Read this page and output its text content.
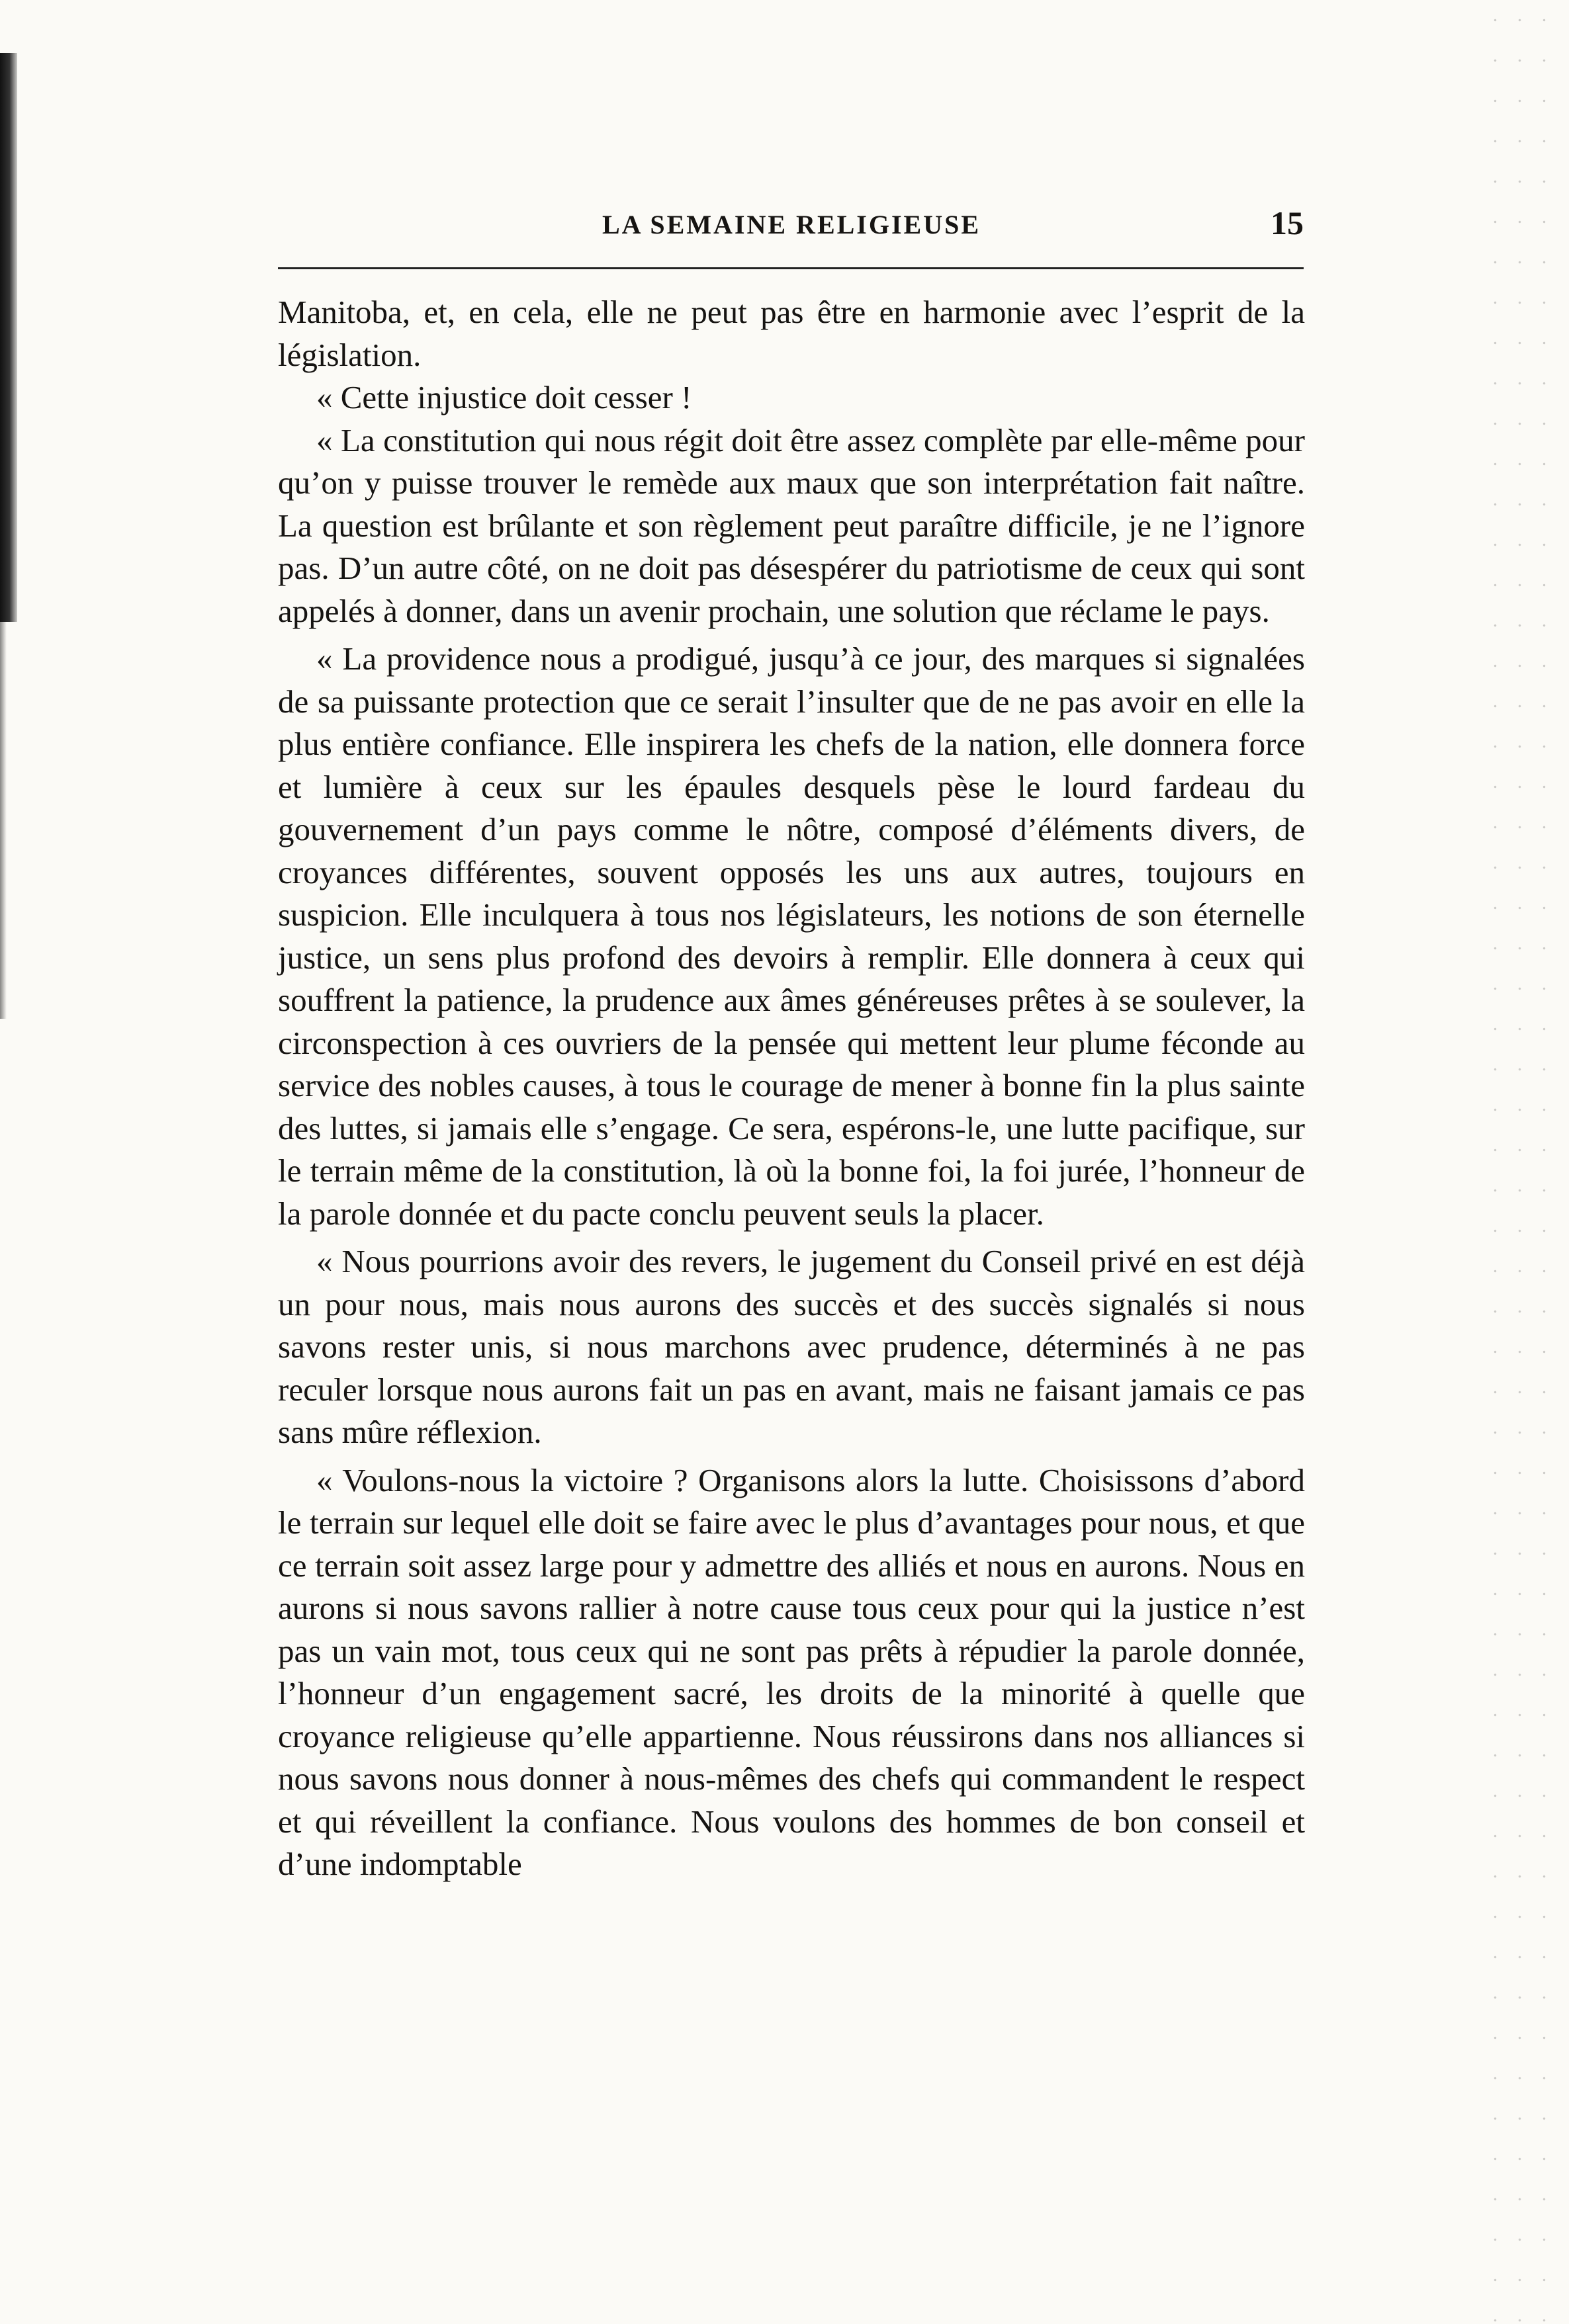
LA SEMAINE RELIGIEUSE	15

Manitoba, et, en cela, elle ne peut pas être en harmonie avec l’esprit de la législation.

« Cette injustice doit cesser !

« La constitution qui nous régit doit être assez complète par elle-même pour qu’on y puisse trouver le remède aux maux que son interprétation fait naître. La question est brûlante et son règlement peut paraître difficile, je ne l’ignore pas. D’un autre côté, on ne doit pas désespérer du patriotisme de ceux qui sont appelés à donner, dans un avenir prochain, une solution que réclame le pays.

« La providence nous a prodigué, jusqu’à ce jour, des marques si signalées de sa puissante protection que ce serait l’insulter que de ne pas avoir en elle la plus entière confiance. Elle inspirera les chefs de la nation, elle donnera force et lumière à ceux sur les épaules desquels pèse le lourd fardeau du gouvernement d’un pays comme le nôtre, composé d’éléments divers, de croyances différentes, souvent opposés les uns aux autres, toujours en suspicion. Elle inculquera à tous nos législateurs, les notions de son éternelle justice, un sens plus profond des devoirs à remplir. Elle donnera à ceux qui souffrent la patience, la prudence aux âmes généreuses prêtes à se soulever, la circonspection à ces ouvriers de la pensée qui mettent leur plume féconde au service des nobles causes, à tous le courage de mener à bonne fin la plus sainte des luttes, si jamais elle s’engage. Ce sera, espérons-le, une lutte pacifique, sur le terrain même de la constitution, là où la bonne foi, la foi jurée, l’honneur de la parole donnée et du pacte conclu peuvent seuls la placer.

« Nous pourrions avoir des revers, le jugement du Conseil privé en est déjà un pour nous, mais nous aurons des succès et des succès signalés si nous savons rester unis, si nous marchons avec prudence, déterminés à ne pas reculer lorsque nous aurons fait un pas en avant, mais ne faisant jamais ce pas sans mûre réflexion.

« Voulons-nous la victoire ? Organisons alors la lutte. Choisissons d’abord le terrain sur lequel elle doit se faire avec le plus d’avantages pour nous, et que ce terrain soit assez large pour y admettre des alliés et nous en aurons. Nous en aurons si nous savons rallier à notre cause tous ceux pour qui la justice n’est pas un vain mot, tous ceux qui ne sont pas prêts à répudier la parole donnée, l’honneur d’un engagement sacré, les droits de la minorité à quelle que croyance religieuse qu’elle appartienne. Nous réussirons dans nos alliances si nous savons nous donner à nous-mêmes des chefs qui commandent le respect et qui réveillent la confiance. Nous voulons des hommes de bon conseil et d’une indomptable
